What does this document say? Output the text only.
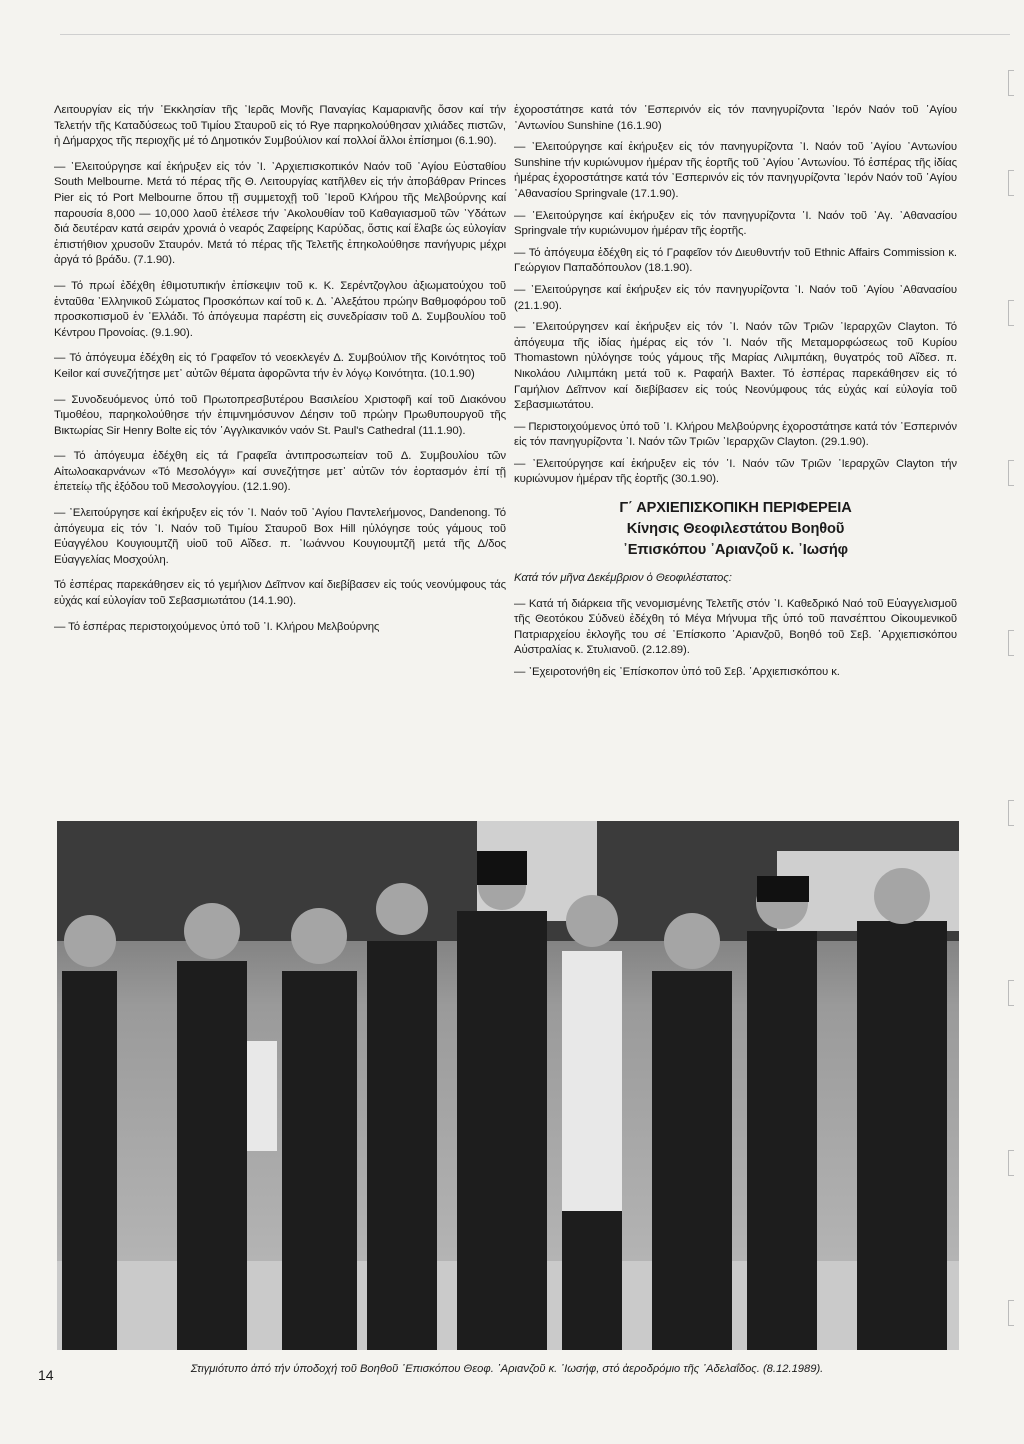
Λειτουργίαν εἰς τήν ᾿Εκκλησίαν τῆς ᾿Ιερᾶς Μονῆς Παναγίας Καμαριανῆς ὅσον καί τήν Τελετήν τῆς Καταδύσεως τοῦ Τιμίου Σταυροῦ εἰς τό Rye παρηκολούθησαν χιλιάδες πιστῶν, ἡ Δήμαρχος τῆς περιοχῆς μέ τό Δημοτικόν Συμβούλιον καί πολλοί ἄλλοι ἐπίσημοι (6.1.90).

— ᾿Ελειτούργησε καί ἐκήρυξεν εἰς τόν ᾿Ι. ᾿Αρχιεπισκοπικόν Ναόν τοῦ ᾿Αγίου Εὐσταθίου South Melbourne. Μετά τό πέρας τῆς Θ. Λειτουργίας κατῆλθεν εἰς τήν ἀποβάθραν Princes Pier εἰς τό Port Melbourne ὅπου τῇ συμμετοχῇ τοῦ ᾿Ιεροῦ Κλήρου τῆς Μελβούρνης καί παρουσία 8,000 — 10,000 λαοῦ ἐτέλεσε τήν ᾿Ακολουθίαν τοῦ Καθαγιασμοῦ τῶν ᾿Υδάτων διά δευτέραν κατά σειράν χρονιά ὁ νεαρός Ζαφείρης Καρύδας, ὅστις καί ἔλαβε ὡς εὐλογίαν ἐπιστήθιον χρυσοῦν Σταυρόν. Μετά τό πέρας τῆς Τελετῆς ἐπηκολούθησε πανήγυρις μέχρι ἀργά τό βράδυ. (7.1.90).

— Τό πρωί ἐδέχθη ἐθιμοτυπικήν ἐπίσκεψιν τοῦ κ. Κ. Σερέντζογλου ἀξιωματούχου τοῦ ἐνταῦθα ᾿Ελληνικοῦ Σώματος Προσκόπων καί τοῦ κ. Δ. ᾿Αλεξάτου πρώην Βαθμοφόρου τοῦ προσκοπισμοῦ ἐν ᾿Ελλάδι. Τό ἀπόγευμα παρέστη εἰς συνεδρίασιν τοῦ Δ. Συμβουλίου τοῦ Κέντρου Προνοίας. (9.1.90).

— Τό ἀπόγευμα ἐδέχθη εἰς τό Γραφεῖον τό νεοεκλεγέν Δ. Συμβούλιον τῆς Κοινότητος τοῦ Keilor καί συνεζήτησε μετ᾿ αὐτῶν θέματα ἀφορῶντα τήν ἐν λόγῳ Κοινότητα. (10.1.90)

— Συνοδευόμενος ὑπό τοῦ Πρωτοπρεσβυτέρου Βασιλείου Χριστοφῆ καί τοῦ Διακόνου Τιμοθέου, παρηκολούθησε τήν ἐπιμνημόσυνον Δέησιν τοῦ πρώην Πρωθυπουργοῦ τῆς Βικτωρίας Sir Henry Bolte εἰς τόν ᾿Αγγλικανικόν ναόν St. Paul's Cathedral (11.1.90).

— Τό ἀπόγευμα ἐδέχθη εἰς τά Γραφεῖα ἀντιπροσωπείαν τοῦ Δ. Συμβουλίου τῶν Αἰτωλοακαρνάνων «Τό Μεσολόγγι» καί συνεζήτησε μετ᾿ αὐτῶν τόν ἑορτασμόν ἐπί τῇ ἐπετείῳ τῆς ἐξόδου τοῦ Μεσολογγίου. (12.1.90).

— ᾿Ελειτούργησε καί ἐκήρυξεν εἰς τόν ᾿Ι. Ναόν τοῦ ᾿Αγίου Παντελεήμονος, Dandenong. Τό ἀπόγευμα εἰς τόν ᾿Ι. Ναόν τοῦ Τιμίου Σταυροῦ Box Hill ηὐλόγησε τούς γάμους τοῦ Εὐαγγέλου Κουγιουμτζῆ υἱοῦ τοῦ Αἴδεσ. π. ᾿Ιωάννου Κουγιουμτζῆ μετά τῆς Δ/δος Εὐαγγελίας Μοσχούλη.

Τό ἑσπέρας παρεκάθησεν εἰς τό γεμήλιον Δεῖπνον καί διεβίβασεν εἰς τούς νεονύμφους τάς εὐχάς καί εὐλογίαν τοῦ Σεβασμιωτάτου (14.1.90).

— Τό ἑσπέρας περιστοιχούμενος ὑπό τοῦ ᾿Ι. Κλήρου Μελβούρνης

ἐχοροστάτησε κατά τόν ᾿Εσπερινόν εἰς τόν πανηγυρίζοντα ᾿Ιερόν Ναόν τοῦ ᾿Αγίου ᾿Αντωνίου Sunshine (16.1.90)

— ᾿Ελειτούργησε καί ἐκήρυξεν εἰς τόν πανηγυρίζοντα ᾿Ι. Ναόν τοῦ ᾿Αγίου ᾿Αντωνίου Sunshine τήν κυριώνυμον ἡμέραν τῆς ἑορτῆς τοῦ ᾿Αγίου ᾿Αντωνίου. Τό ἑσπέρας τῆς ἰδίας ἡμέρας ἐχοροστάτησε κατά τόν ᾿Εσπερινόν εἰς τόν πανηγυρίζοντα ᾿Ιερόν Ναόν τοῦ ᾿Αγίου ᾿Αθανασίου Springvale (17.1.90).

— ᾿Ελειτούργησε καί ἐκήρυξεν εἰς τόν πανηγυρίζοντα ᾿Ι. Ναόν τοῦ ᾿Αγ. ᾿Αθανασίου Springvale τήν κυριώνυμον ἡμέραν τῆς ἑορτῆς.

— Τό ἀπόγευμα ἐδέχθη εἰς τό Γραφεῖον τόν Διευθυντήν τοῦ Ethnic Affairs Commission κ. Γεώργιον Παπαδόπουλον (18.1.90).

— ᾿Ελειτούργησε καί ἐκήρυξεν εἰς τόν πανηγυρίζοντα ᾿Ι. Ναόν τοῦ ᾿Αγίου ᾿Αθανασίου (21.1.90).

— ᾿Ελειτούργησεν καί ἐκήρυξεν εἰς τόν ᾿Ι. Ναόν τῶν Τριῶν ᾿Ιεραρχῶν Clayton. Τό ἀπόγευμα τῆς ἰδίας ἡμέρας εἰς τόν ᾿Ι. Ναόν τῆς Μεταμορφώσεως τοῦ Κυρίου Thomastown ηὐλόγησε τούς γάμους τῆς Μαρίας Λιλιμπάκη, θυγατρός τοῦ Αἴδεσ. π. Νικολάου Λιλιμπάκη μετά τοῦ κ. Ραφαήλ Baxter. Τό ἑσπέρας παρεκάθησεν εἰς τό Γαμήλιον Δεῖπνον καί διεβίβασεν εἰς τούς Νεονύμφους τάς εὐχάς καί εὐλογία τοῦ Σεβασμιωτάτου.

— Περιστοιχούμενος ὑπό τοῦ ᾿Ι. Κλήρου Μελβούρνης ἐχοροστάτησε κατά τόν ᾿Εσπερινόν εἰς τόν πανηγυρίζοντα ᾿Ι. Ναόν τῶν Τριῶν ᾿Ιεραρχῶν Clayton. (29.1.90).

— ᾿Ελειτούργησε καί ἐκήρυξεν εἰς τόν ᾿Ι. Ναόν τῶν Τριῶν ᾿Ιεραρχῶν Clayton τήν κυριώνυμον ἡμέραν τῆς ἑορτῆς (30.1.90).

Γ΄ ΑΡΧΙΕΠΙΣΚΟΠΙΚΗ ΠΕΡΙΦΕΡΕΙΑ
Κίνησις Θεοφιλεστάτου Βοηθοῦ
᾿Επισκόπου ᾿Αριανζοῦ κ. ᾿Ιωσήφ

Κατά τόν μῆνα Δεκέμβριον ὁ Θεοφιλέστατος:

— Κατά τή διάρκεια τῆς νενομισμένης Τελετῆς στόν ᾿Ι. Καθεδρικό Ναό τοῦ Εὐαγγελισμοῦ τῆς Θεοτόκου Σύδνεϋ ἐδέχθη τό Μέγα Μήνυμα τῆς ὑπό τοῦ πανσέπτου Οἰκουμενικοῦ Πατριαρχείου ἐκλογῆς του σέ ᾿Επίσκοπο ᾿Αριανζοῦ, Βοηθό τοῦ Σεβ. ᾿Αρχιεπισκόπου Αὐστραλίας κ. Στυλιανοῦ. (2.12.89).

— ᾿Εχειροτονήθη εἰς ᾿Επίσκοπον ὑπό τοῦ Σεβ. ᾿Αρχιεπισκόπου κ.

Στιγμιότυπο ἀπό τήν ὑποδοχή τοῦ Βοηθοῦ ᾿Επισκόπου Θεοφ. ᾿Αριανζοῦ κ. ᾿Ιωσήφ, στό ἀεροδρόμιο τῆς ᾿Αδελαΐδος. (8.12.1989).
14
